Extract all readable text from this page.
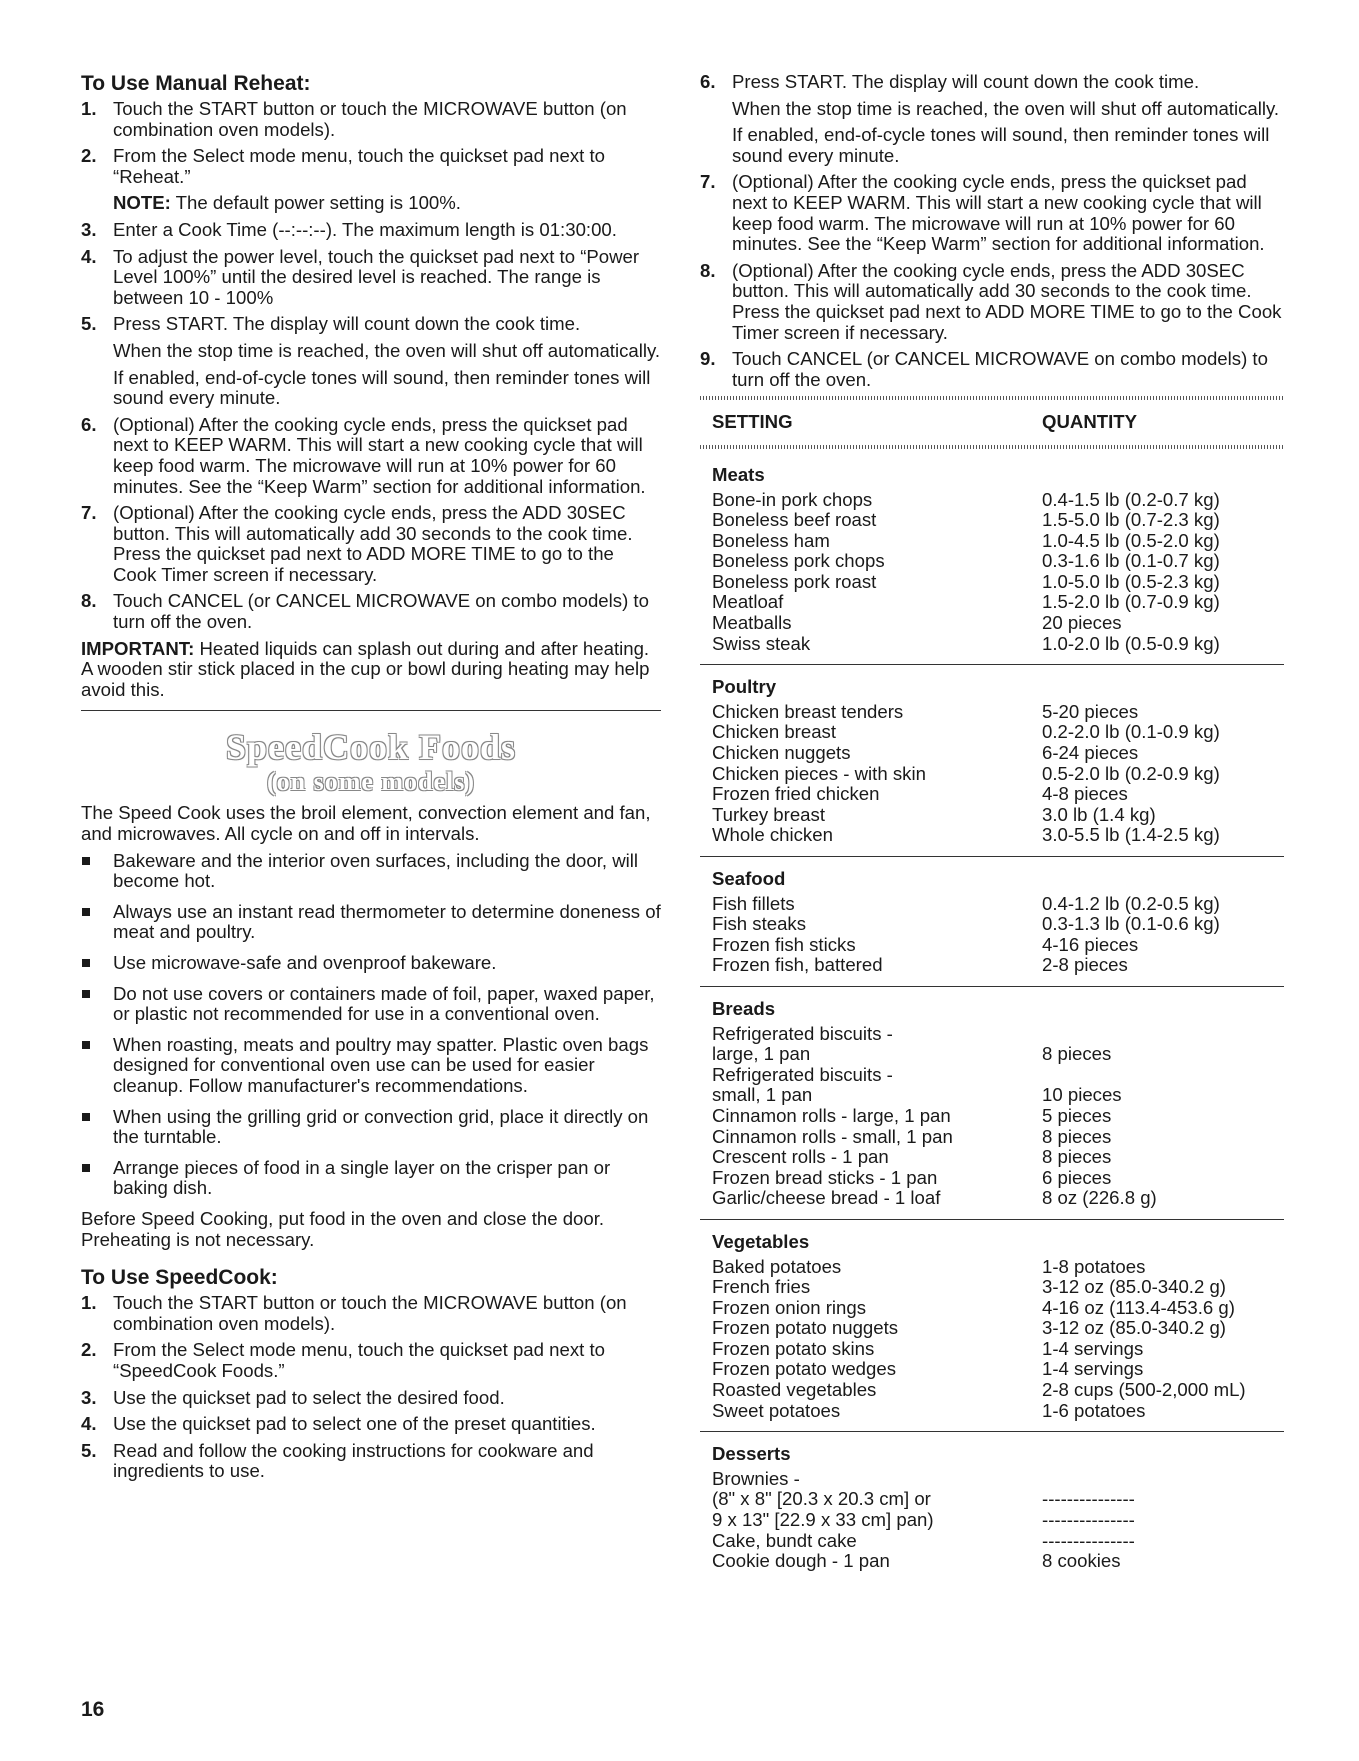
To Use Manual Reheat:
1. Touch the START button or touch the MICROWAVE button (on combination oven models).
2. From the Select mode menu, touch the quickset pad next to “Reheat.”

NOTE: The default power setting is 100%.

3. Enter a Cook Time (--:--:--). The maximum length is 01:30:00.
4. To adjust the power level, touch the quickset pad next to “Power Level 100%” until the desired level is reached. The range is between 10 - 100%
5. Press START. The display will count down the cook time.

When the stop time is reached, the oven will shut off automatically.

If enabled, end-of-cycle tones will sound, then reminder tones will sound every minute.

6. (Optional) After the cooking cycle ends, press the quickset pad next to KEEP WARM. This will start a new cooking cycle that will keep food warm. The microwave will run at 10% power for 60 minutes. See the “Keep Warm” section for additional information.
7. (Optional) After the cooking cycle ends, press the ADD 30SEC button. This will automatically add 30 seconds to the cook time. Press the quickset pad next to ADD MORE TIME to go to the Cook Timer screen if necessary.
8. Touch CANCEL (or CANCEL MICROWAVE on combo models) to turn off the oven.

IMPORTANT: Heated liquids can splash out during and after heating. A wooden stir stick placed in the cup or bowl during heating may help avoid this.

SpeedCook Foods
(on some models)

The Speed Cook uses the broil element, convection element and fan, and microwaves. All cycle on and off in intervals.

Bakeware and the interior oven surfaces, including the door, will become hot.
Always use an instant read thermometer to determine doneness of meat and poultry.
Use microwave-safe and ovenproof bakeware.
Do not use covers or containers made of foil, paper, waxed paper, or plastic not recommended for use in a conventional oven.
When roasting, meats and poultry may spatter. Plastic oven bags designed for conventional oven use can be used for easier cleanup. Follow manufacturer's recommendations.
When using the grilling grid or convection grid, place it directly on the turntable.
Arrange pieces of food in a single layer on the crisper pan or baking dish.

Before Speed Cooking, put food in the oven and close the door. Preheating is not necessary.

To Use SpeedCook:
1. Touch the START button or touch the MICROWAVE button (on combination oven models).
2. From the Select mode menu, touch the quickset pad next to “SpeedCook Foods.”
3. Use the quickset pad to select the desired food.
4. Use the quickset pad to select one of the preset quantities.
5. Read and follow the cooking instructions for cookware and ingredients to use.
6. Press START. The display will count down the cook time.

When the stop time is reached, the oven will shut off automatically.

If enabled, end-of-cycle tones will sound, then reminder tones will sound every minute.

7. (Optional) After the cooking cycle ends, press the quickset pad next to KEEP WARM. This will start a new cooking cycle that will keep food warm. The microwave will run at 10% power for 60 minutes. See the “Keep Warm” section for additional information.
8. (Optional) After the cooking cycle ends, press the ADD 30SEC button. This will automatically add 30 seconds to the cook time. Press the quickset pad next to ADD MORE TIME to go to the Cook Timer screen if necessary.
9. Touch CANCEL (or CANCEL MICROWAVE on combo models) to turn off the oven.
SETTING	QUANTITY
Meats
Bone-in pork chops	0.4-1.5 lb (0.2-0.7 kg)
Boneless beef roast	1.5-5.0 lb (0.7-2.3 kg)
Boneless ham	1.0-4.5 lb (0.5-2.0 kg)
Boneless pork chops	0.3-1.6 lb (0.1-0.7 kg)
Boneless pork roast	1.0-5.0 lb (0.5-2.3 kg)
Meatloaf	1.5-2.0 lb (0.7-0.9 kg)
Meatballs	20 pieces
Swiss steak	1.0-2.0 lb (0.5-0.9 kg)
Poultry
Chicken breast tenders	5-20 pieces
Chicken breast	0.2-2.0 lb (0.1-0.9 kg)
Chicken nuggets	6-24 pieces
Chicken pieces - with skin	0.5-2.0 lb (0.2-0.9 kg)
Frozen fried chicken	4-8 pieces
Turkey breast	3.0 lb (1.4 kg)
Whole chicken	3.0-5.5 lb (1.4-2.5 kg)
Seafood
Fish fillets	0.4-1.2 lb (0.2-0.5 kg)
Fish steaks	0.3-1.3 lb (0.1-0.6 kg)
Frozen fish sticks	4-16 pieces
Frozen fish, battered	2-8 pieces
Breads
Refrigerated biscuits -
large, 1 pan	8 pieces
Refrigerated biscuits -
small, 1 pan	10 pieces
Cinnamon rolls - large, 1 pan	5 pieces
Cinnamon rolls - small, 1 pan	8 pieces
Crescent rolls - 1 pan	8 pieces
Frozen bread sticks - 1 pan	6 pieces
Garlic/cheese bread - 1 loaf	8 oz (226.8 g)
Vegetables
Baked potatoes	1-8 potatoes
French fries	3-12 oz (85.0-340.2 g)
Frozen onion rings	4-16 oz (113.4-453.6 g)
Frozen potato nuggets	3-12 oz (85.0-340.2 g)
Frozen potato skins	1-4 servings
Frozen potato wedges	1-4 servings
Roasted vegetables	2-8 cups (500-2,000 mL)
Sweet potatoes	1-6 potatoes
Desserts
Brownies -
(8" x 8" [20.3 x 20.3 cm] or	---------------
9 x 13" [22.9 x 33 cm] pan)	---------------
Cake, bundt cake	---------------
Cookie dough - 1 pan	8 cookies
16
